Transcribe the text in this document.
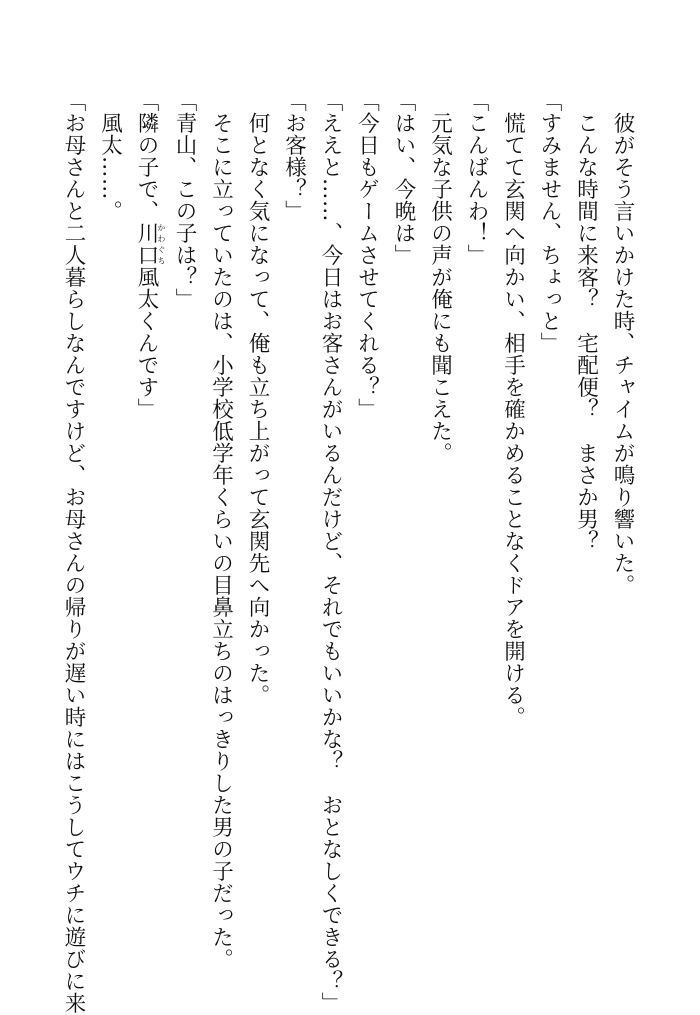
彼がそう言いかけた時、チャイムが鳴り響いた。
こんな時間に来客？　宅配便？　まさか男？
「すみません、ちょっと」
慌てて玄関へ向かい、相手を確かめることなくドアを開ける。
「こんばんわ！」
元気な子供の声が俺にも聞こえた。
「はい、今晩は」
「今日もゲームさせてくれる？」
「ええと……、今日はお客さんがいるんだけど、それでもいいかな？　おとなしくできる？」
「お客様？」
何となく気になって、俺も立ち上がって玄関先へ向かった。
そこに立っていたのは、小学校低学年くらいの目鼻立ちのはっきりした男の子だった。
「青山、この子は？」
「隣の子で、川口かわぐち風太くんです」
風太……。
「お母さんと二人暮らしなんですけど、お母さんの帰りが遅い時にはこうしてウチに遊びに来
